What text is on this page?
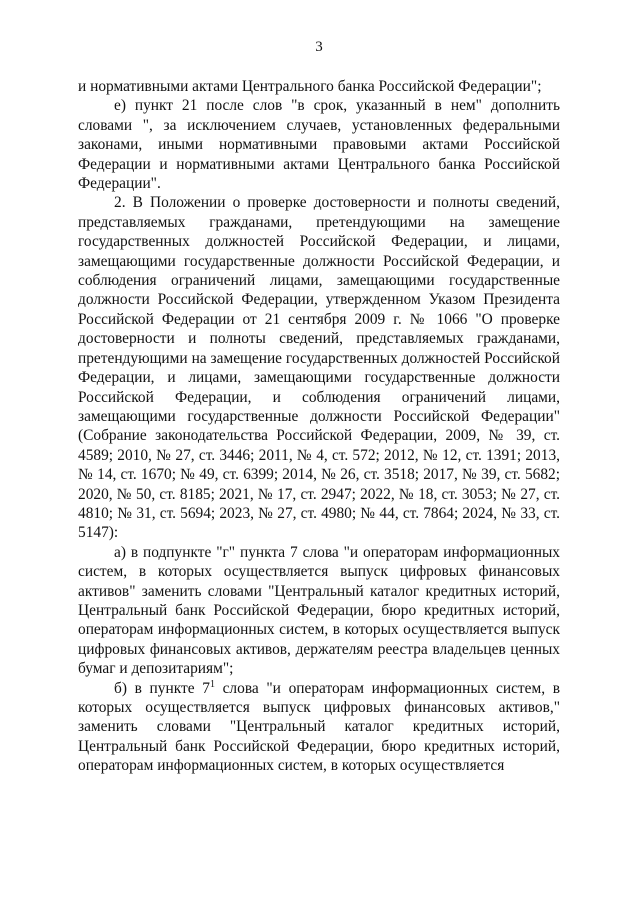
3

и нормативными актами Центрального банка Российской Федерации";

е) пункт 21 после слов "в срок, указанный в нем" дополнить словами ", за исключением случаев, установленных федеральными законами, иными нормативными правовыми актами Российской Федерации и нормативными актами Центрального банка Российской Федерации".

2. В Положении о проверке достоверности и полноты сведений, представляемых гражданами, претендующими на замещение государственных должностей Российской Федерации, и лицами, замещающими государственные должности Российской Федерации, и соблюдения ограничений лицами, замещающими государственные должности Российской Федерации, утвержденном Указом Президента Российской Федерации от 21 сентября 2009 г. № 1066 "О проверке достоверности и полноты сведений, представляемых гражданами, претендующими на замещение государственных должностей Российской Федерации, и лицами, замещающими государственные должности Российской Федерации, и соблюдения ограничений лицами, замещающими государственные должности Российской Федерации" (Собрание законодательства Российской Федерации, 2009, № 39, ст. 4589; 2010, № 27, ст. 3446; 2011, № 4, ст. 572; 2012, № 12, ст. 1391; 2013, № 14, ст. 1670; № 49, ст. 6399; 2014, № 26, ст. 3518; 2017, № 39, ст. 5682; 2020, № 50, ст. 8185; 2021, № 17, ст. 2947; 2022, № 18, ст. 3053; № 27, ст. 4810; № 31, ст. 5694; 2023, № 27, ст. 4980; № 44, ст. 7864; 2024, № 33, ст. 5147):

а) в подпункте "г" пункта 7 слова "и операторам информационных систем, в которых осуществляется выпуск цифровых финансовых активов" заменить словами "Центральный каталог кредитных историй, Центральный банк Российской Федерации, бюро кредитных историй, операторам информационных систем, в которых осуществляется выпуск цифровых финансовых активов, держателям реестра владельцев ценных бумаг и депозитариям";

б) в пункте $7^1$ слова "и операторам информационных систем, в которых осуществляется выпуск цифровых финансовых активов," заменить словами "Центральный каталог кредитных историй, Центральный банк Российской Федерации, бюро кредитных историй, операторам информационных систем, в которых осуществляется
